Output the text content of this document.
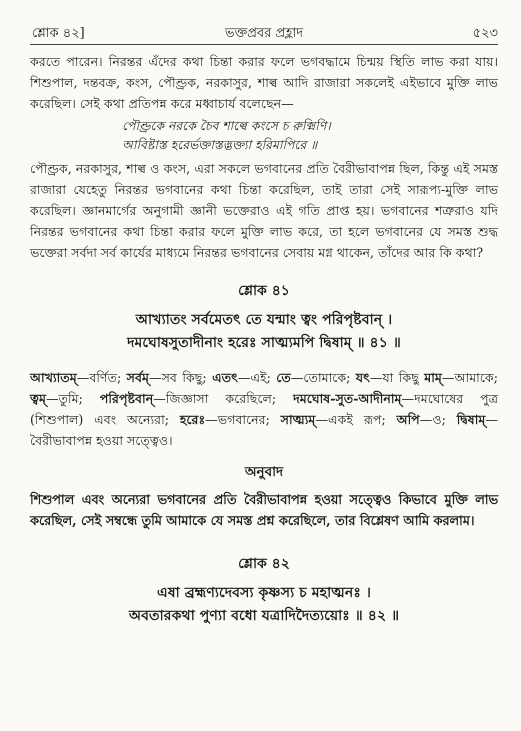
শ্লোক ৪২]	ভক্তপ্রবর প্রহ্লাদ	৫২৩

করতে পারেন। নিরন্তর এঁদের কথা চিন্তা করার ফলে ভগবদ্ধামে চিন্ময় স্থিতি লাভ করা যায়। শিশুপাল, দন্তবক্র, কংস, পৌণ্ড্রক, নরকাসুর, শাল্ব আদি রাজারা সকলেই এইভাবে মুক্তি লাভ করেছিল। সেই কথা প্রতিপন্ন করে মধ্বাচার্য বলেছেন—

পৌণ্ড্রকে নরকে চৈব শাল্বে কংসে চ রুক্মিণি।

আবিষ্টাস্ত হরের্ভক্তাস্তদ্ভক্ত্যা হরিমাপিরে ॥

পৌণ্ড্রক, নরকাসুর, শাল্ব ও কংস, এরা সকলে ভগবানের প্রতি বৈরীভাবাপন্ন ছিল, কিন্তু এই সমস্ত রাজারা যেহেতু নিরন্তর ভগবানের কথা চিন্তা করেছিল, তাই তারা সেই সারূপ্য-মুক্তি লাভ করেছিল। জ্ঞানমার্গের অনুগামী জ্ঞানী ভক্তেরাও এই গতি প্রাপ্ত হয়। ভগবানের শত্রুরাও যদি নিরন্তর ভগবানের কথা চিন্তা করার ফলে মুক্তি লাভ করে, তা হলে ভগবানের যে সমস্ত শুদ্ধ ভক্তেরা সর্বদা সর্ব কার্যের মাধ্যমে নিরন্তর ভগবানের সেবায় মগ্ন থাকেন, তাঁদের আর কি কথা?

শ্লোক ৪১

আখ্যাতং সর্বমেতৎ তে যন্মাং ত্বং পরিপৃষ্টবান্ ।

দমঘোষসুতাদীনাং হরেঃ সাত্ম্যমপি দ্বিষাম্ ॥ ৪১ ॥

আখ্যাতম্—বর্ণিত; সর্বম্—সব কিছু; এতৎ—এই; তে—তোমাকে; যৎ—যা কিছু মাম্—আমাকে; ত্বম্—তুমি; পরিপৃষ্টবান্—জিজ্ঞাসা করেছিলে; দমঘোষ-সুত-আদীনাম্—দমঘোষের পুত্র (শিশুপাল) এবং অন্যেরা; হরেঃ—ভগবানের; সাত্ম্যম্—একই রূপ; অপি—ও; দ্বিষাম্—বৈরীভাবাপন্ন হওয়া সত্ত্বেও।

অনুবাদ

শিশুপাল এবং অন্যেরা ভগবানের প্রতি বৈরীভাবাপন্ন হওয়া সত্ত্বেও কিভাবে মুক্তি লাভ করেছিল, সেই সম্বন্ধে তুমি আমাকে যে সমস্ত প্রশ্ন করেছিলে, তার বিশ্লেষণ আমি করলাম।

শ্লোক ৪২

এষা ব্রহ্মণ্যদেবস্য কৃষ্ণস্য চ মহাত্মনঃ ।

অবতারকথা পুণ্যা বধো যত্রাদিদৈত্যয়োঃ ॥ ৪২ ॥
